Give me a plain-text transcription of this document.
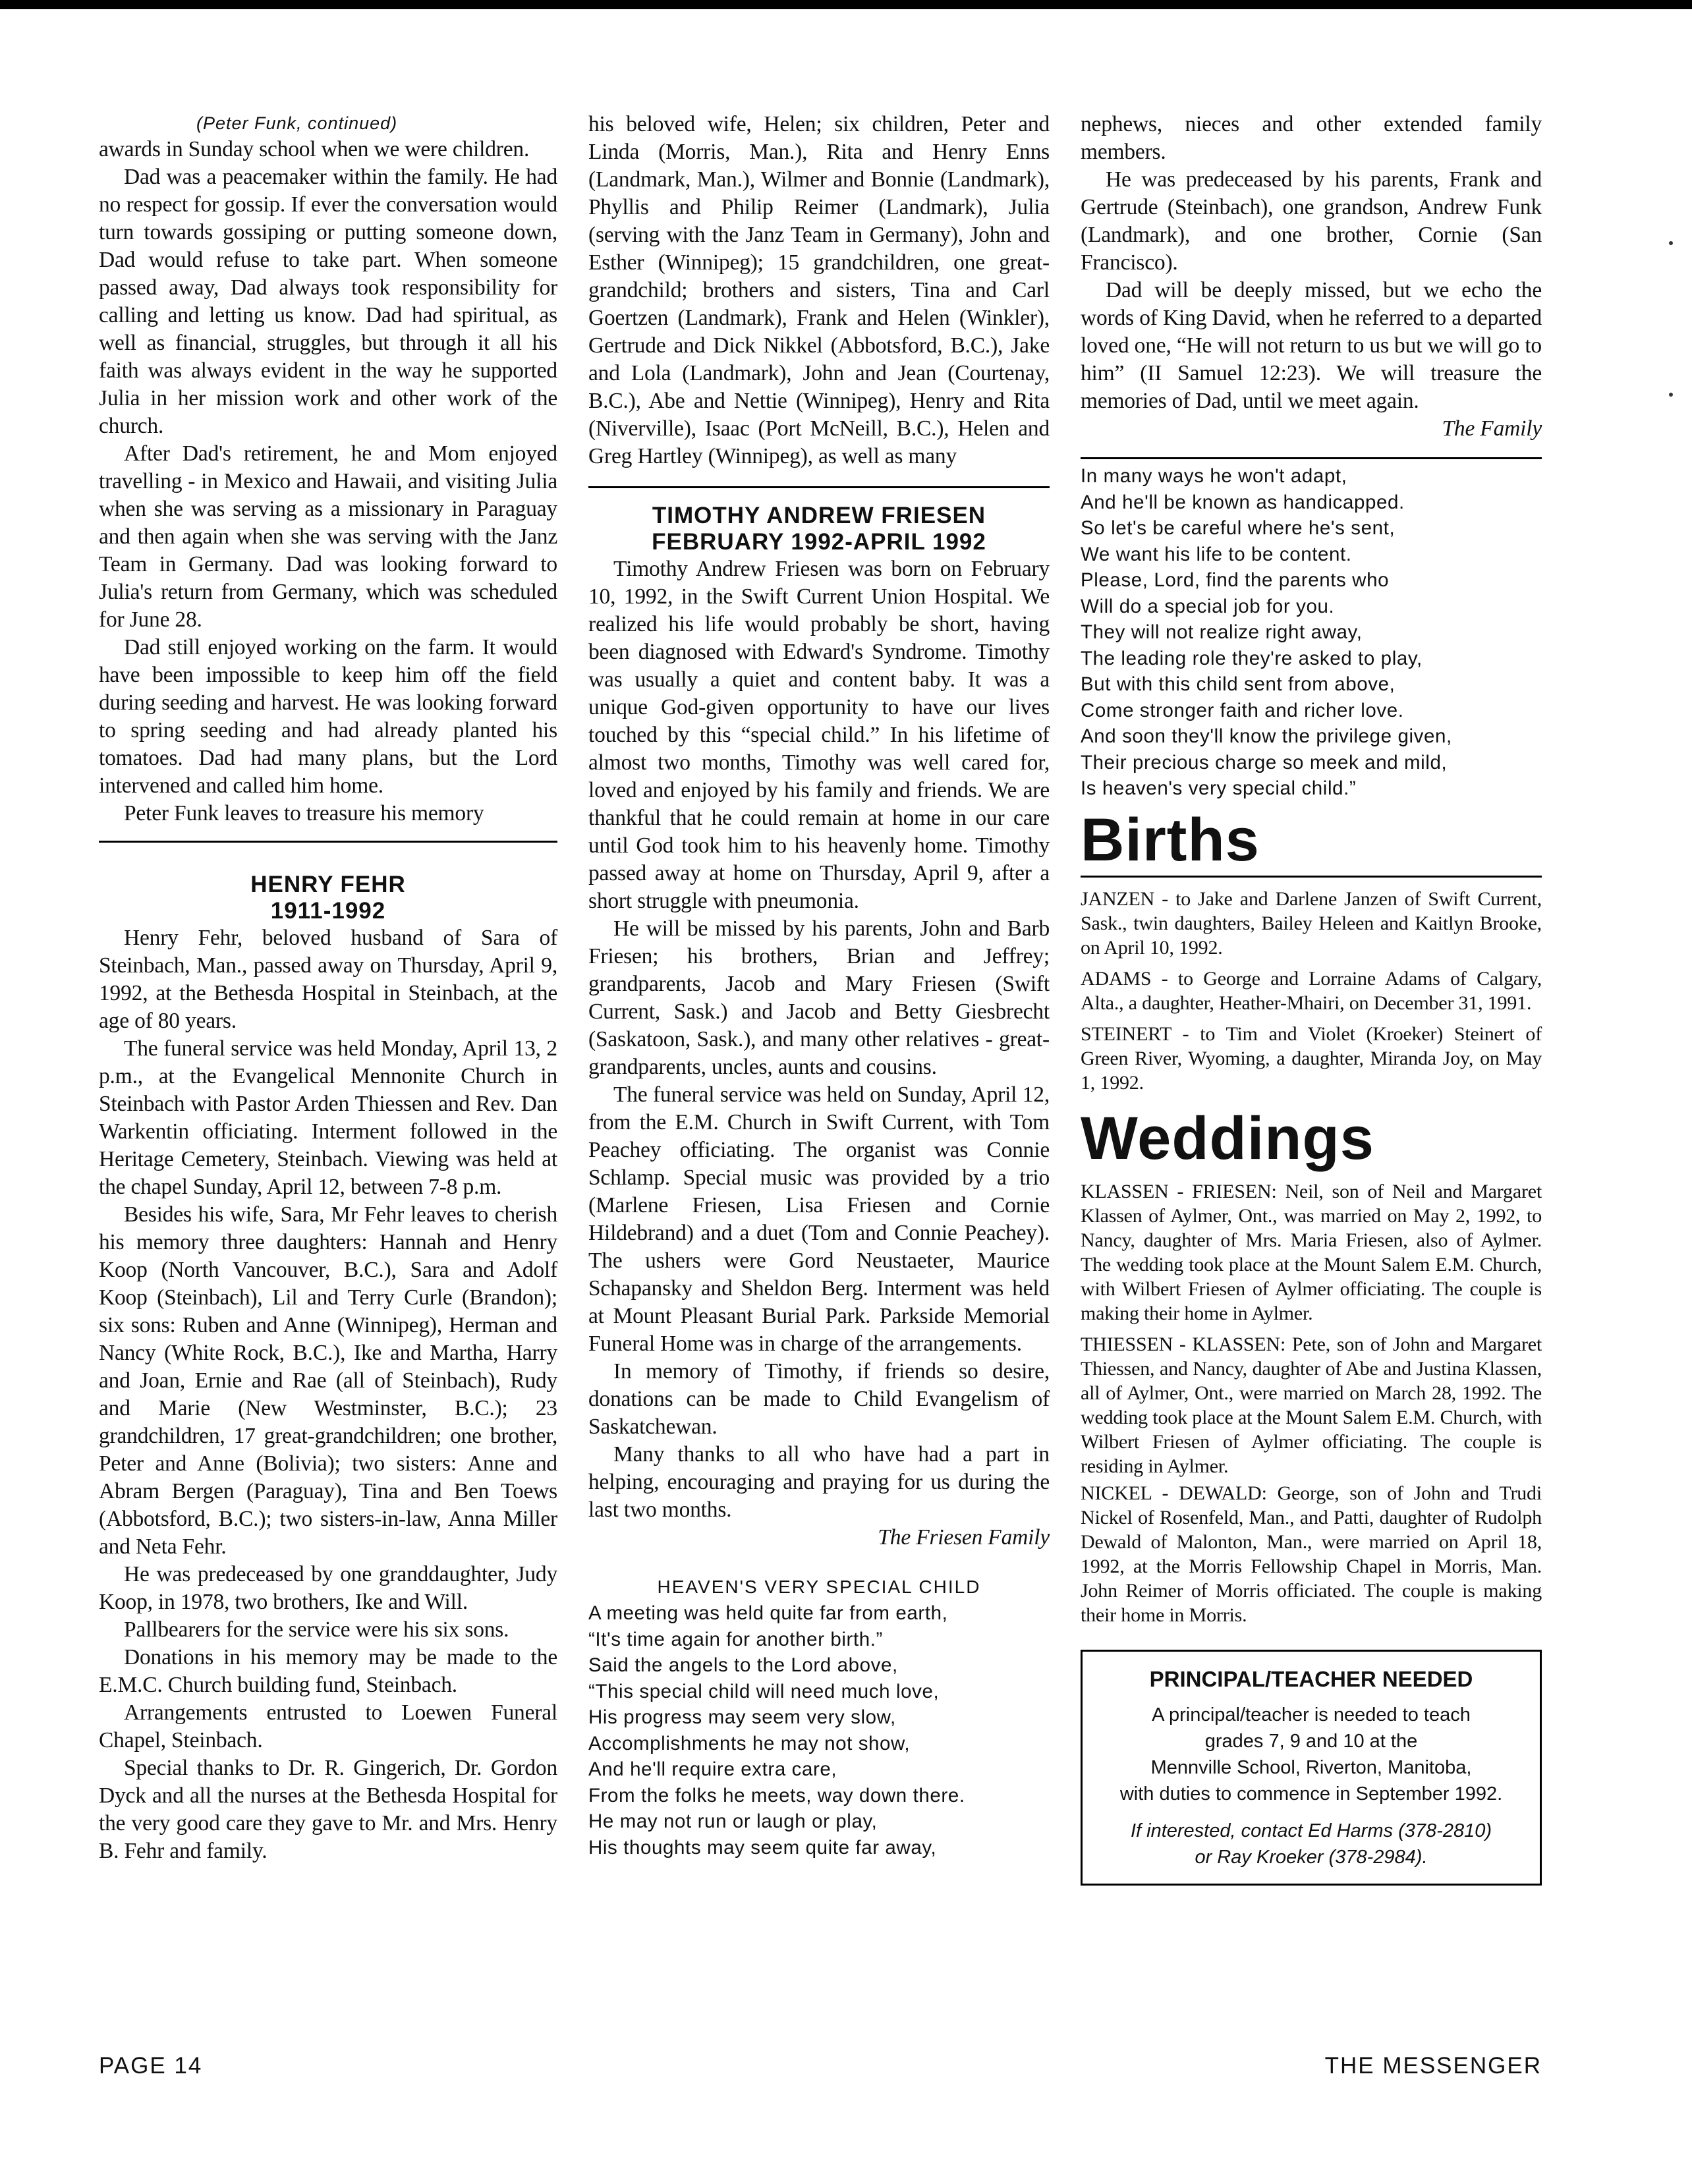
(Peter Funk, continued)

awards in Sunday school when we were children.

Dad was a peacemaker within the family. He had no respect for gossip. If ever the conversation would turn towards gossiping or putting someone down, Dad would refuse to take part. When someone passed away, Dad always took responsibility for calling and letting us know. Dad had spiritual, as well as financial, struggles, but through it all his faith was always evident in the way he supported Julia in her mission work and other work of the church.

After Dad's retirement, he and Mom enjoyed travelling - in Mexico and Hawaii, and visiting Julia when she was serving as a missionary in Paraguay and then again when she was serving with the Janz Team in Germany. Dad was looking forward to Julia's return from Germany, which was scheduled for June 28.

Dad still enjoyed working on the farm. It would have been impossible to keep him off the field during seeding and harvest. He was looking forward to spring seeding and had already planted his tomatoes. Dad had many plans, but the Lord intervened and called him home.

Peter Funk leaves to treasure his memory

HENRY FEHR
1911-1992

Henry Fehr, beloved husband of Sara of Steinbach, Man., passed away on Thursday, April 9, 1992, at the Bethesda Hospital in Steinbach, at the age of 80 years.

The funeral service was held Monday, April 13, 2 p.m., at the Evangelical Mennonite Church in Steinbach with Pastor Arden Thiessen and Rev. Dan Warkentin officiating. Interment followed in the Heritage Cemetery, Steinbach. Viewing was held at the chapel Sunday, April 12, between 7-8 p.m.

Besides his wife, Sara, Mr Fehr leaves to cherish his memory three daughters: Hannah and Henry Koop (North Vancouver, B.C.), Sara and Adolf Koop (Steinbach), Lil and Terry Curle (Brandon); six sons: Ruben and Anne (Winnipeg), Herman and Nancy (White Rock, B.C.), Ike and Martha, Harry and Joan, Ernie and Rae (all of Steinbach), Rudy and Marie (New Westminster, B.C.); 23 grandchildren, 17 great-grandchildren; one brother, Peter and Anne (Bolivia); two sisters: Anne and Abram Bergen (Paraguay), Tina and Ben Toews (Abbotsford, B.C.); two sisters-in-law, Anna Miller and Neta Fehr.

He was predeceased by one granddaughter, Judy Koop, in 1978, two brothers, Ike and Will.

Pallbearers for the service were his six sons.

Donations in his memory may be made to the E.M.C. Church building fund, Steinbach.

Arrangements entrusted to Loewen Funeral Chapel, Steinbach.

Special thanks to Dr. R. Gingerich, Dr. Gordon Dyck and all the nurses at the Bethesda Hospital for the very good care they gave to Mr. and Mrs. Henry B. Fehr and family.

his beloved wife, Helen; six children, Peter and Linda (Morris, Man.), Rita and Henry Enns (Landmark, Man.), Wilmer and Bonnie (Landmark), Phyllis and Philip Reimer (Landmark), Julia (serving with the Janz Team in Germany), John and Esther (Winnipeg); 15 grandchildren, one great-grandchild; brothers and sisters, Tina and Carl Goertzen (Landmark), Frank and Helen (Winkler), Gertrude and Dick Nikkel (Abbotsford, B.C.), Jake and Lola (Landmark), John and Jean (Courtenay, B.C.), Abe and Nettie (Winnipeg), Henry and Rita (Niverville), Isaac (Port McNeill, B.C.), Helen and Greg Hartley (Winnipeg), as well as many

TIMOTHY ANDREW FRIESEN
FEBRUARY 1992-APRIL 1992

Timothy Andrew Friesen was born on February 10, 1992, in the Swift Current Union Hospital. We realized his life would probably be short, having been diagnosed with Edward's Syndrome. Timothy was usually a quiet and content baby. It was a unique God-given opportunity to have our lives touched by this “special child.” In his lifetime of almost two months, Timothy was well cared for, loved and enjoyed by his family and friends. We are thankful that he could remain at home in our care until God took him to his heavenly home. Timothy passed away at home on Thursday, April 9, after a short struggle with pneumonia.

He will be missed by his parents, John and Barb Friesen; his brothers, Brian and Jeffrey; grandparents, Jacob and Mary Friesen (Swift Current, Sask.) and Jacob and Betty Giesbrecht (Saskatoon, Sask.), and many other relatives - great-grandparents, uncles, aunts and cousins.

The funeral service was held on Sunday, April 12, from the E.M. Church in Swift Current, with Tom Peachey officiating. The organist was Connie Schlamp. Special music was provided by a trio (Marlene Friesen, Lisa Friesen and Cornie Hildebrand) and a duet (Tom and Connie Peachey). The ushers were Gord Neustaeter, Maurice Schapansky and Sheldon Berg. Interment was held at Mount Pleasant Burial Park. Parkside Memorial Funeral Home was in charge of the arrangements.

In memory of Timothy, if friends so desire, donations can be made to Child Evangelism of Saskatchewan.

Many thanks to all who have had a part in helping, encouraging and praying for us during the last two months.

The Friesen Family

HEAVEN'S VERY SPECIAL CHILD
A meeting was held quite far from earth,
“It's time again for another birth.”
Said the angels to the Lord above,
“This special child will need much love,
His progress may seem very slow,
Accomplishments he may not show,
And he'll require extra care,
From the folks he meets, way down there.
He may not run or laugh or play,
His thoughts may seem quite far away,

nephews, nieces and other extended family members.

He was predeceased by his parents, Frank and Gertrude (Steinbach), one grandson, Andrew Funk (Landmark), and one brother, Cornie (San Francisco).

Dad will be deeply missed, but we echo the words of King David, when he referred to a departed loved one, “He will not return to us but we will go to him” (II Samuel 12:23). We will treasure the memories of Dad, until we meet again.

The Family

In many ways he won't adapt,
And he'll be known as handicapped.
So let's be careful where he's sent,
We want his life to be content.
Please, Lord, find the parents who
Will do a special job for you.
They will not realize right away,
The leading role they're asked to play,
But with this child sent from above,
Come stronger faith and richer love.
And soon they'll know the privilege given,
Their precious charge so meek and mild,
Is heaven's very special child.”
Births

JANZEN - to Jake and Darlene Janzen of Swift Current, Sask., twin daughters, Bailey Heleen and Kaitlyn Brooke, on April 10, 1992.

ADAMS - to George and Lorraine Adams of Calgary, Alta., a daughter, Heather-Mhairi, on December 31, 1991.

STEINERT - to Tim and Violet (Kroeker) Steinert of Green River, Wyoming, a daughter, Miranda Joy, on May 1, 1992.

Weddings

KLASSEN - FRIESEN: Neil, son of Neil and Margaret Klassen of Aylmer, Ont., was married on May 2, 1992, to Nancy, daughter of Mrs. Maria Friesen, also of Aylmer. The wedding took place at the Mount Salem E.M. Church, with Wilbert Friesen of Aylmer officiating. The couple is making their home in Aylmer.

THIESSEN - KLASSEN: Pete, son of John and Margaret Thiessen, and Nancy, daughter of Abe and Justina Klassen, all of Aylmer, Ont., were married on March 28, 1992. The wedding took place at the Mount Salem E.M. Church, with Wilbert Friesen of Aylmer officiating. The couple is residing in Aylmer.

NICKEL - DEWALD: George, son of John and Trudi Nickel of Rosenfeld, Man., and Patti, daughter of Rudolph Dewald of Malonton, Man., were married on April 18, 1992, at the Morris Fellowship Chapel in Morris, Man. John Reimer of Morris officiated. The couple is making their home in Morris.

PRINCIPAL/TEACHER NEEDED
A principal/teacher is needed to teach
grades 7, 9 and 10 at the
Mennville School, Riverton, Manitoba,
with duties to commence in September 1992.
If interested, contact Ed Harms (378-2810)
or Ray Kroeker (378-2984).
PAGE 14	THE MESSENGER
